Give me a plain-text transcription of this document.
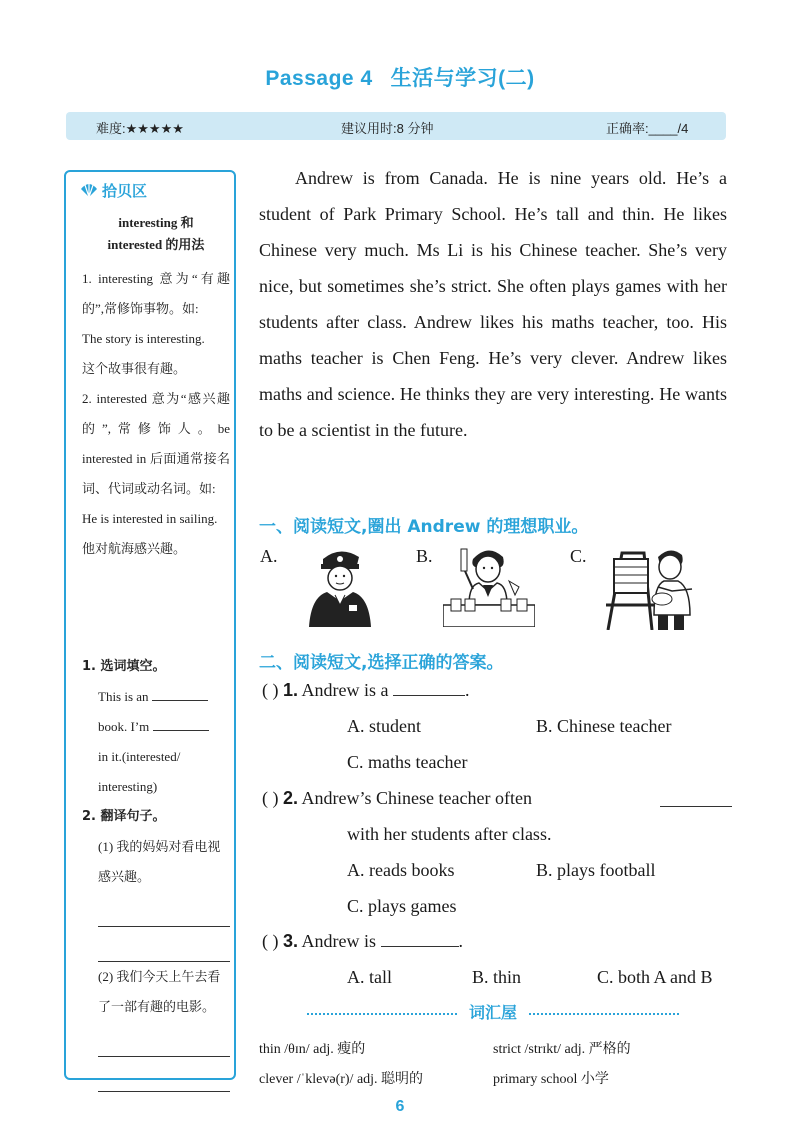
Passage 4 生活与学习(二)
难度:★★★★★	建议用时:8 分钟	正确率:____/4
拾贝区
interesting 和
interested 的用法
1. interesting 意为“有趣的”,常修饰事物。如:
The story is interesting.
这个故事很有趣。
2. interested 意为“感兴趣的”,常修饰人。be interested in 后面通常接名词、代词或动名词。如:
He is interested in sailing.
他对航海感兴趣。
1. 选词填空。
This is an
book. I’m
in it.(interested/
interesting)
2. 翻译句子。
(1) 我的妈妈对看电视感兴趣。
(2) 我们今天上午去看了一部有趣的电影。

Andrew is from Canada. He is nine years old. He’s a student of Park Primary School. He’s tall and thin. He likes Chinese very much. Ms Li is his Chinese teacher. She’s very nice, but sometimes she’s strict. She often plays games with her students after class. Andrew likes his maths teacher, too. His maths teacher is Chen Feng. He’s very clever. Andrew likes maths and science. He thinks they are very interesting. He wants to be a scientist in the future.

一、阅读短文,圈出 Andrew 的理想职业。
A.	B.	C.
二、阅读短文,选择正确的答案。
( ) 1. Andrew is a	.
A. student	B. Chinese teacher
C. maths teacher
( ) 2. Andrew’s Chinese teacher often
with her students after class.
A. reads books	B. plays football
C. plays games
( ) 3. Andrew is	.
A. tall	B. thin	C. both A and B
词汇屋
thin /θɪn/ adj. 瘦的	strict /strɪkt/ adj. 严格的
clever /ˈklevə(r)/ adj. 聪明的	primary school 小学
6
